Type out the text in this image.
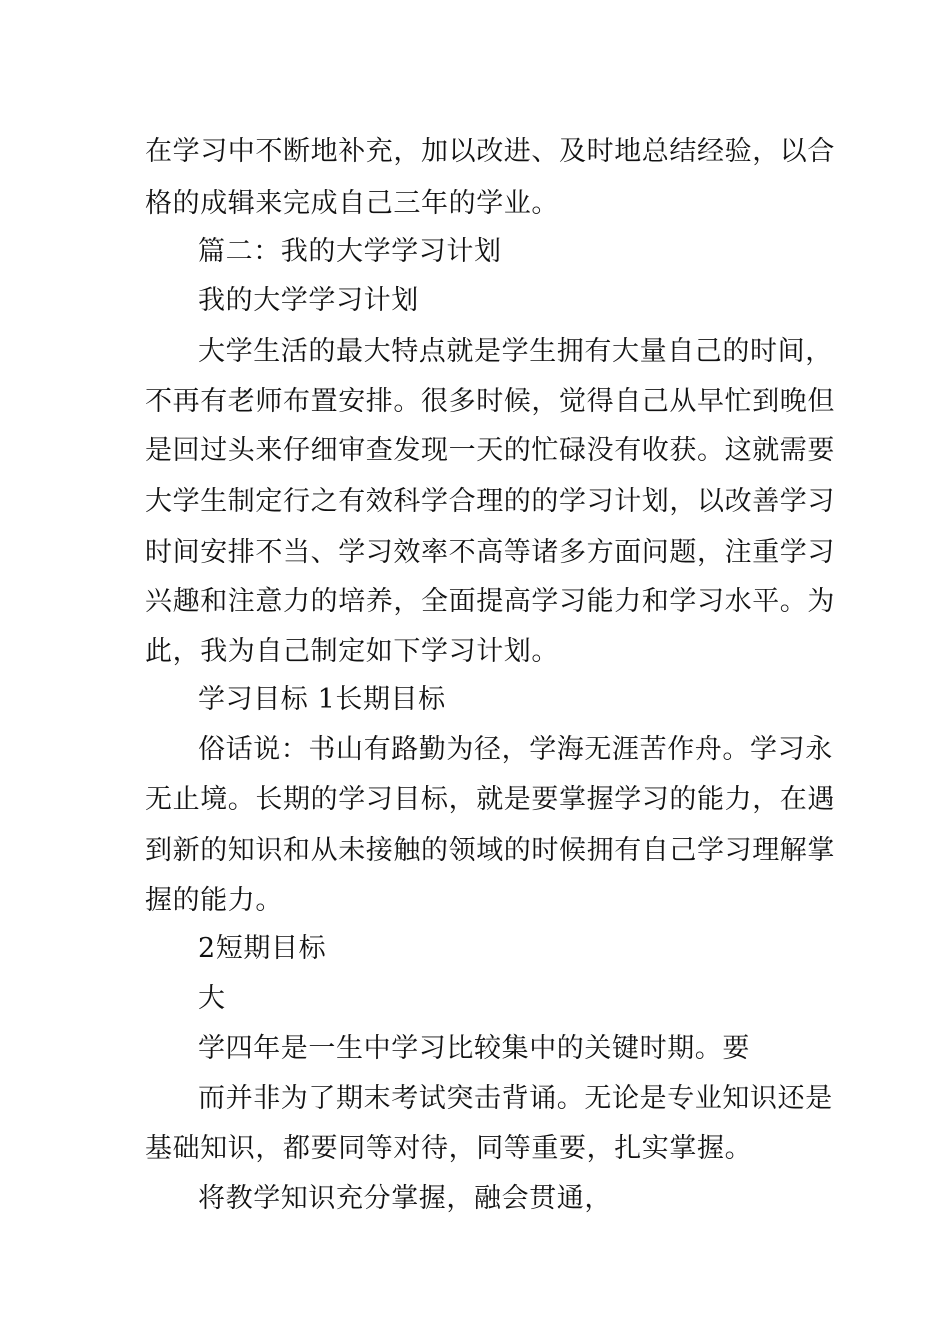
在学习中不断地补充，加以改进、及时地总结经验，以合
格的成辑来完成自己三年的学业。
篇二：我的大学学习计划
我的大学学习计划
大学生活的最大特点就是学生拥有大量自己的时间，
不再有老师布置安排。很多时候，觉得自己从早忙到晚但
是回过头来仔细审查发现一天的忙碌没有收获。这就需要
大学生制定行之有效科学合理的的学习计划，以改善学习
时间安排不当、学习效率不高等诸多方面问题，注重学习
兴趣和注意力的培养，全面提高学习能力和学习水平。为
此，我为自己制定如下学习计划。
学习目标 1长期目标
俗话说：书山有路勤为径，学海无涯苦作舟。学习永
无止境。长期的学习目标，就是要掌握学习的能力，在遇
到新的知识和从未接触的领域的时候拥有自己学习理解掌
握的能力。
2短期目标
大
学四年是一生中学习比较集中的关键时期。要
而并非为了期末考试突击背诵。无论是专业知识还是
基础知识，都要同等对待，同等重要，扎实掌握。
将教学知识充分掌握，融会贯通，
